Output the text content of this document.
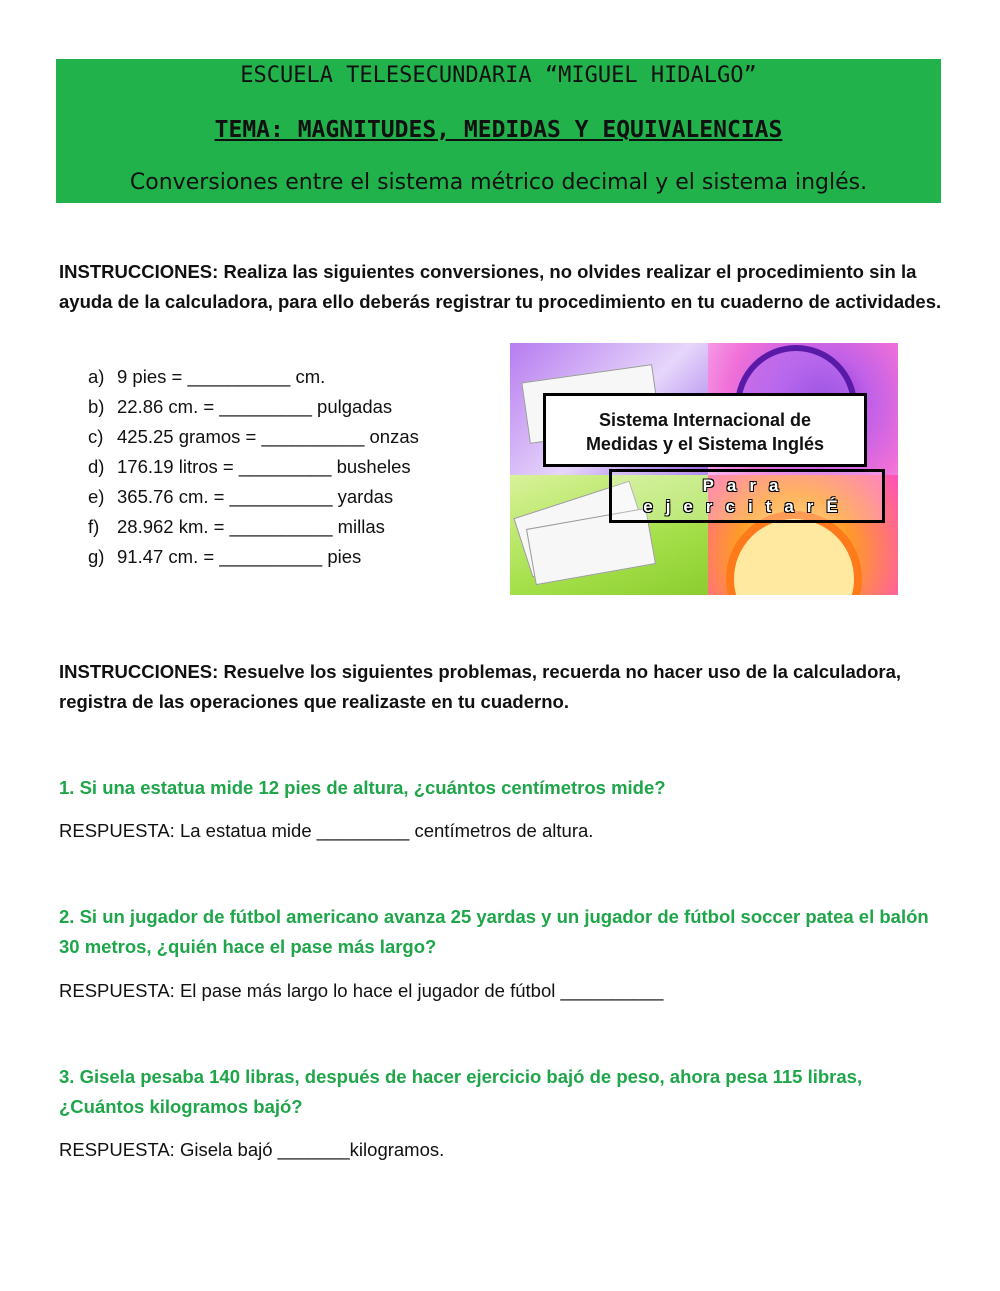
ESCUELA TELESECUNDARIA “MIGUEL HIDALGO”
TEMA: MAGNITUDES, MEDIDAS Y EQUIVALENCIAS
Conversiones entre el sistema métrico decimal y el sistema inglés.
INSTRUCCIONES: Realiza las siguientes conversiones, no olvides realizar el procedimiento sin la ayuda de la calculadora, para ello deberás registrar tu procedimiento en tu cuaderno de actividades.
a) 9 pies = __________ cm.
b) 22.86 cm. = _________ pulgadas
c) 425.25 gramos = __________ onzas
d) 176.19 litros = _________ busheles
e) 365.76 cm. = __________ yardas
f) 28.962 km. = __________ millas
g) 91.47 cm. = __________ pies
Sistema Internacional de
Medidas y el Sistema Inglés
Para
ejercitarÉ
INSTRUCCIONES: Resuelve los siguientes problemas, recuerda no hacer uso de la calculadora, registra de las operaciones que realizaste en tu cuaderno.
1. Si una estatua mide 12 pies de altura, ¿cuántos centímetros mide?
RESPUESTA: La estatua mide _________ centímetros de altura.
2. Si un jugador de fútbol americano avanza 25 yardas y un jugador de fútbol soccer patea el balón 30 metros, ¿quién hace el pase más largo?
RESPUESTA: El pase más largo lo hace el jugador de fútbol __________
3. Gisela pesaba 140 libras, después de hacer ejercicio bajó de peso, ahora pesa 115 libras, ¿Cuántos kilogramos bajó?
RESPUESTA: Gisela bajó _______kilogramos.
